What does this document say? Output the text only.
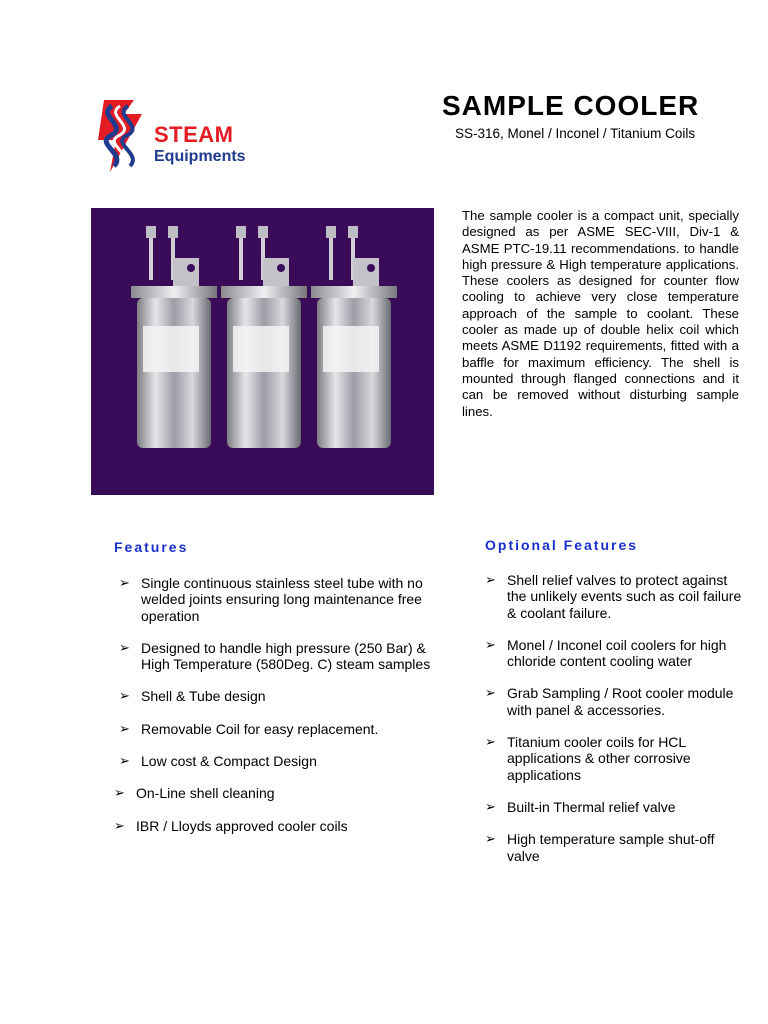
STEAM
Equipments
SAMPLE COOLER
SS-316, Monel / Inconel / Titanium Coils
The sample cooler is a compact unit, specially designed as per ASME SEC-VIII, Div-1 & ASME PTC-19.11 recommendations. to handle high pressure & High temperature applications. These coolers as designed for counter flow cooling to achieve very close temperature approach of the sample to coolant. These cooler as made up of double helix coil which meets ASME D1192 requirements, fitted with a baffle for maximum efficiency. The shell is mounted through flanged connections and it can be removed without disturbing sample lines.
Features
➢ Single continuous stainless steel tube with no welded joints ensuring long maintenance free operation
➢ Designed to handle high pressure (250 Bar) & High Temperature (580Deg. C) steam samples
➢ Shell & Tube design
➢ Removable Coil for easy replacement.
➢ Low cost & Compact Design
➢ On-Line shell cleaning
➢ IBR / Lloyds approved cooler coils
Optional Features
➢ Shell relief valves to protect against the unlikely events such as coil failure & coolant failure.
➢ Monel / Inconel coil coolers for high chloride content cooling water
➢ Grab Sampling / Root cooler module with panel & accessories.
➢ Titanium cooler coils for HCL applications & other corrosive applications
➢ Built-in Thermal relief valve
➢ High temperature sample shut-off valve
